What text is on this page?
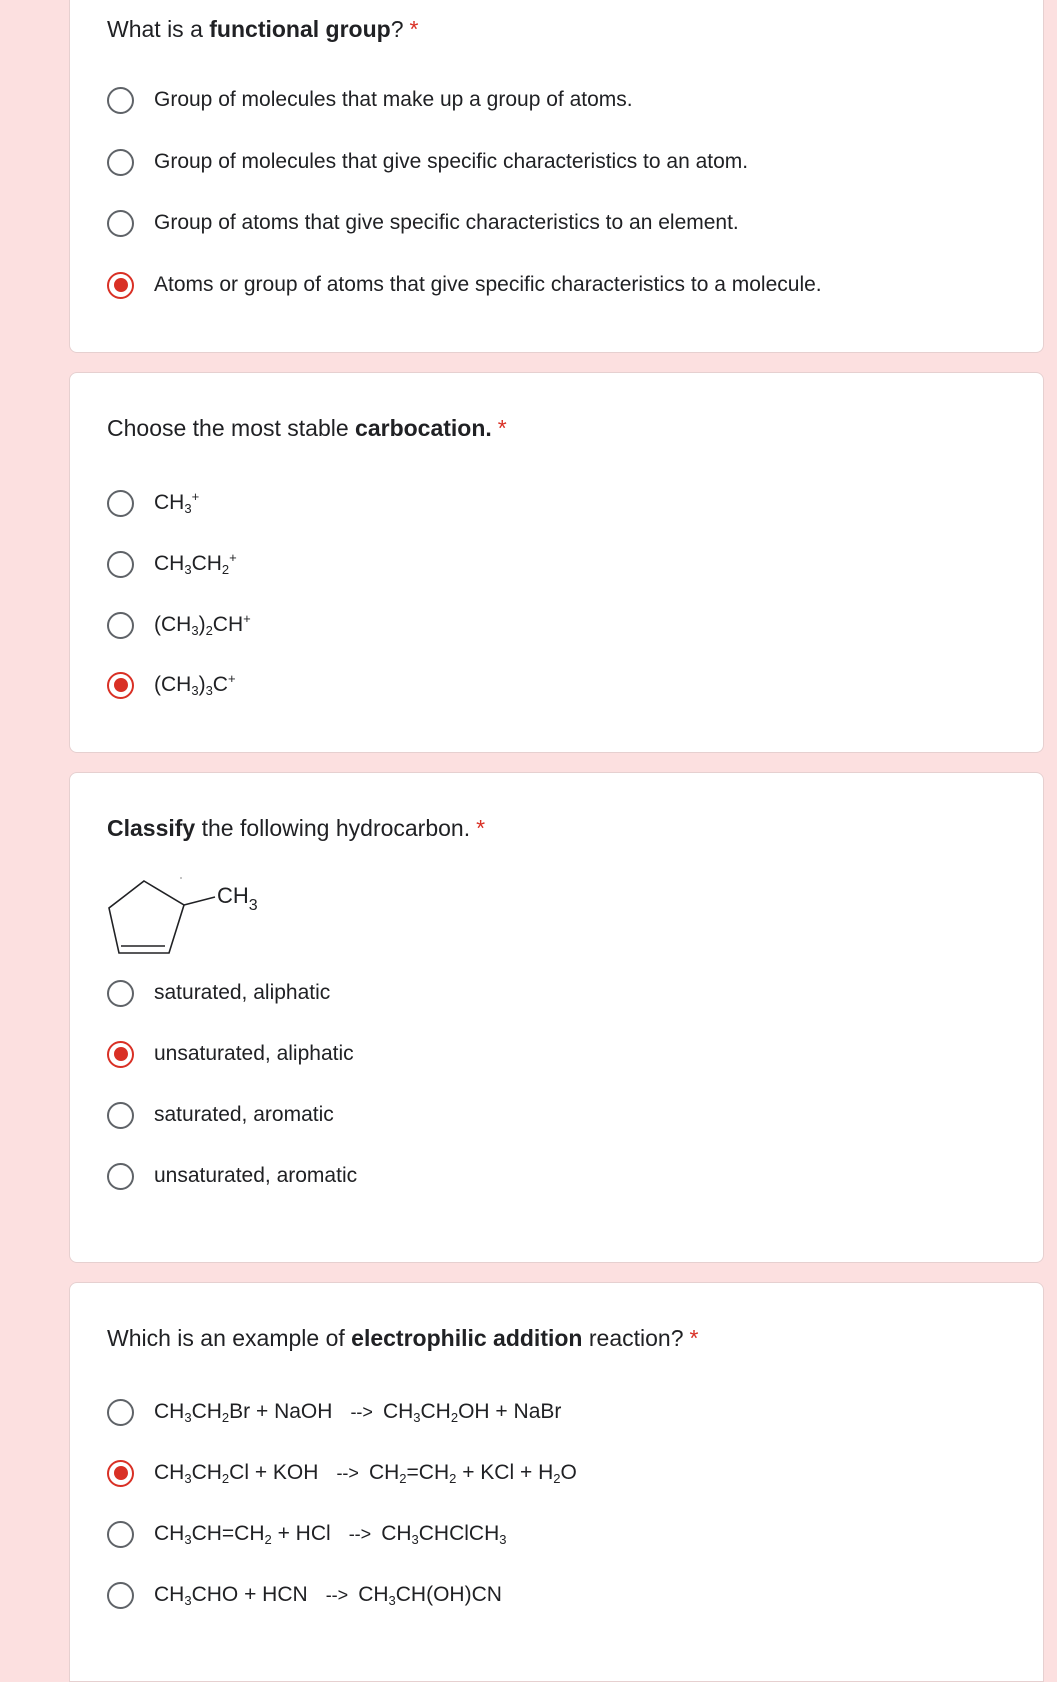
What is a functional group? *
Group of molecules that make up a group of atoms.
Group of molecules that give specific characteristics to an atom.
Group of atoms that give specific characteristics to an element.
Atoms or group of atoms that give specific characteristics to a molecule.
Choose the most stable carbocation. *
$CH_3^+$
$CH_3CH_2^+$
$(CH_3)_2CH^+$
$(CH_3)_3C^+$
Classify the following hydrocarbon. *
$CH_3$
saturated, aliphatic
unsaturated, aliphatic
saturated, aromatic
unsaturated, aromatic
Which is an example of electrophilic addition reaction? *
$CH_3CH_2Br$ + NaOH --> $CH_3CH_2OH$ + NaBr
$CH_3CH_2Cl$ + KOH --> $CH_2=CH_2$ + KCl + $H_2O$
$CH_3CH=CH_2$ + HCl --> $CH_3CHClCH_3$
$CH_3CHO$ + HCN --> $CH_3CH(OH)CN$
